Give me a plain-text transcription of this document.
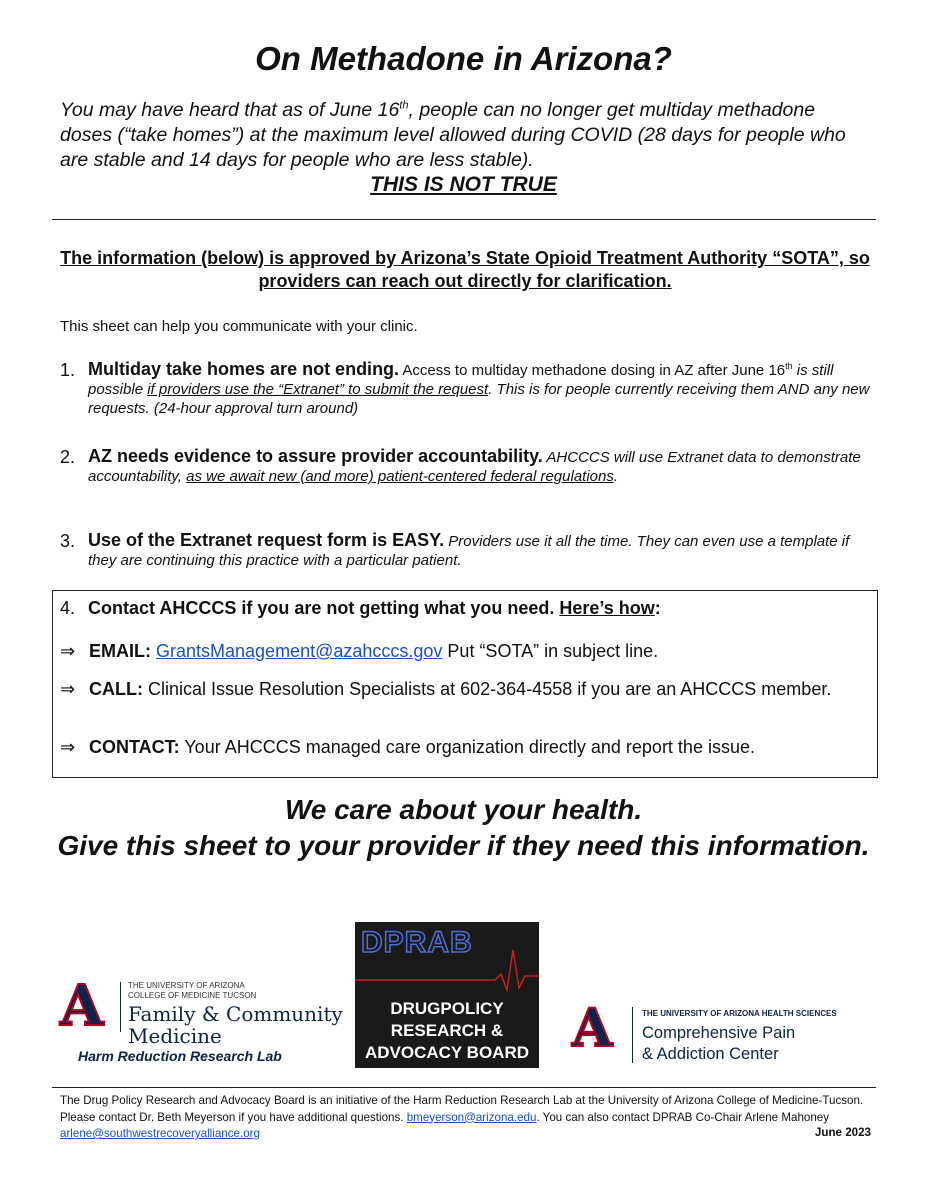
On Methadone in Arizona?
You may have heard that as of June 16th, people can no longer get multiday methadone doses (“take homes”) at the maximum level allowed during COVID (28 days for people who are stable and 14 days for people who are less stable).
THIS IS NOT TRUE
The information (below) is approved by Arizona’s State Opioid Treatment Authority “SOTA”, so providers can reach out directly for clarification.
This sheet can help you communicate with your clinic.
1. Multiday take homes are not ending. Access to multiday methadone dosing in AZ after June 16th is still possible if providers use the “Extranet” to submit the request. This is for people currently receiving them AND any new requests. (24-hour approval turn around)
2. AZ needs evidence to assure provider accountability. AHCCCS will use Extranet data to demonstrate accountability, as we await new (and more) patient-centered federal regulations.
3. Use of the Extranet request form is EASY. Providers use it all the time. They can even use a template if they are continuing this practice with a particular patient.
4. Contact AHCCCS if you are not getting what you need. Here’s how:
⇒ EMAIL: GrantsManagement@azahcccs.gov Put “SOTA” in subject line.
⇒ CALL: Clinical Issue Resolution Specialists at 602-364-4558 if you are an AHCCCS member.
⇒ CONTACT: Your AHCCCS managed care organization directly and report the issue.
We care about your health.
Give this sheet to your provider if they need this information.
A	THE UNIVERSITY OF ARIZONA
COLLEGE OF MEDICINE TUCSON
Family & Community
Medicine
Harm Reduction Research Lab
DPRAB
DRUGPOLICY
RESEARCH &
ADVOCACY BOARD A	THE UNIVERSITY OF ARIZONA HEALTH SCIENCES
Comprehensive Pain
& Addiction Center
The Drug Policy Research and Advocacy Board is an initiative of the Harm Reduction Research Lab at the University of Arizona College of Medicine-Tucson. Please contact Dr. Beth Meyerson if you have additional questions. bmeyerson@arizona.edu. You can also contact DPRAB Co-Chair Arlene Mahoney arlene@southwestrecoveryalliance.org	June 2023
